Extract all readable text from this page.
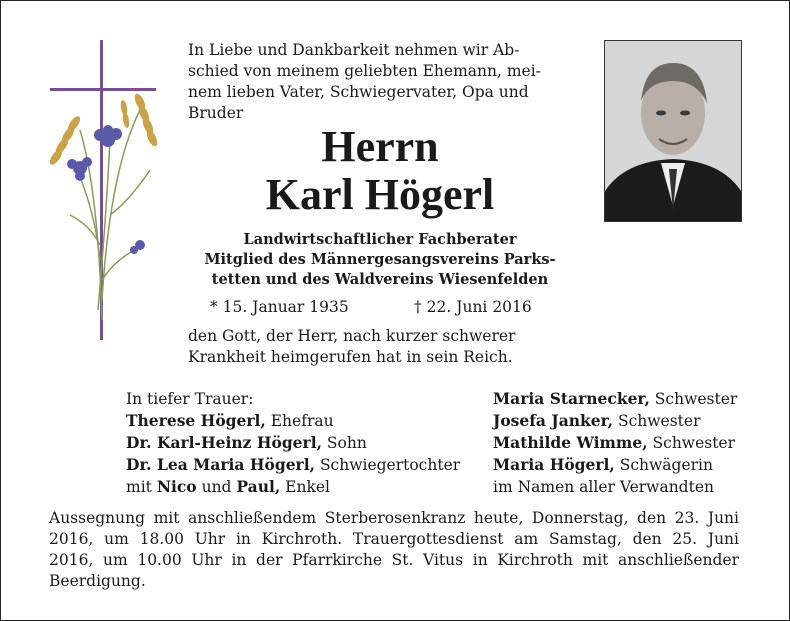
In Liebe und Dankbarkeit nehmen wir Ab-
schied von meinem geliebten Ehemann, mei-
nem lieben Vater, Schwiegervater, Opa und
Bruder
Herrn
Karl Högerl
Landwirtschaftlicher Fachberater
Mitglied des Männergesangsvereins Parks-
tetten und des Waldvereins Wiesenfelden
* 15. Januar 1935	† 22. Juni 2016
den Gott, der Herr, nach kurzer schwerer
Krankheit heimgerufen hat in sein Reich.
In tiefer Trauer:
Therese Högerl, Ehefrau
Dr. Karl-Heinz Högerl, Sohn
Dr. Lea Maria Högerl, Schwiegertochter
mit Nico und Paul, Enkel
Maria Starnecker, Schwester
Josefa Janker, Schwester
Mathilde Wimme, Schwester
Maria Högerl, Schwägerin
im Namen aller Verwandten
Aussegnung mit anschließendem Sterberosenkranz heute, Donnerstag, den 23. Juni
2016, um 18.00 Uhr in Kirchroth. Trauergottesdienst am Samstag, den 25. Juni
2016, um 10.00 Uhr in der Pfarrkirche St. Vitus in Kirchroth mit anschließender
Beerdigung.
